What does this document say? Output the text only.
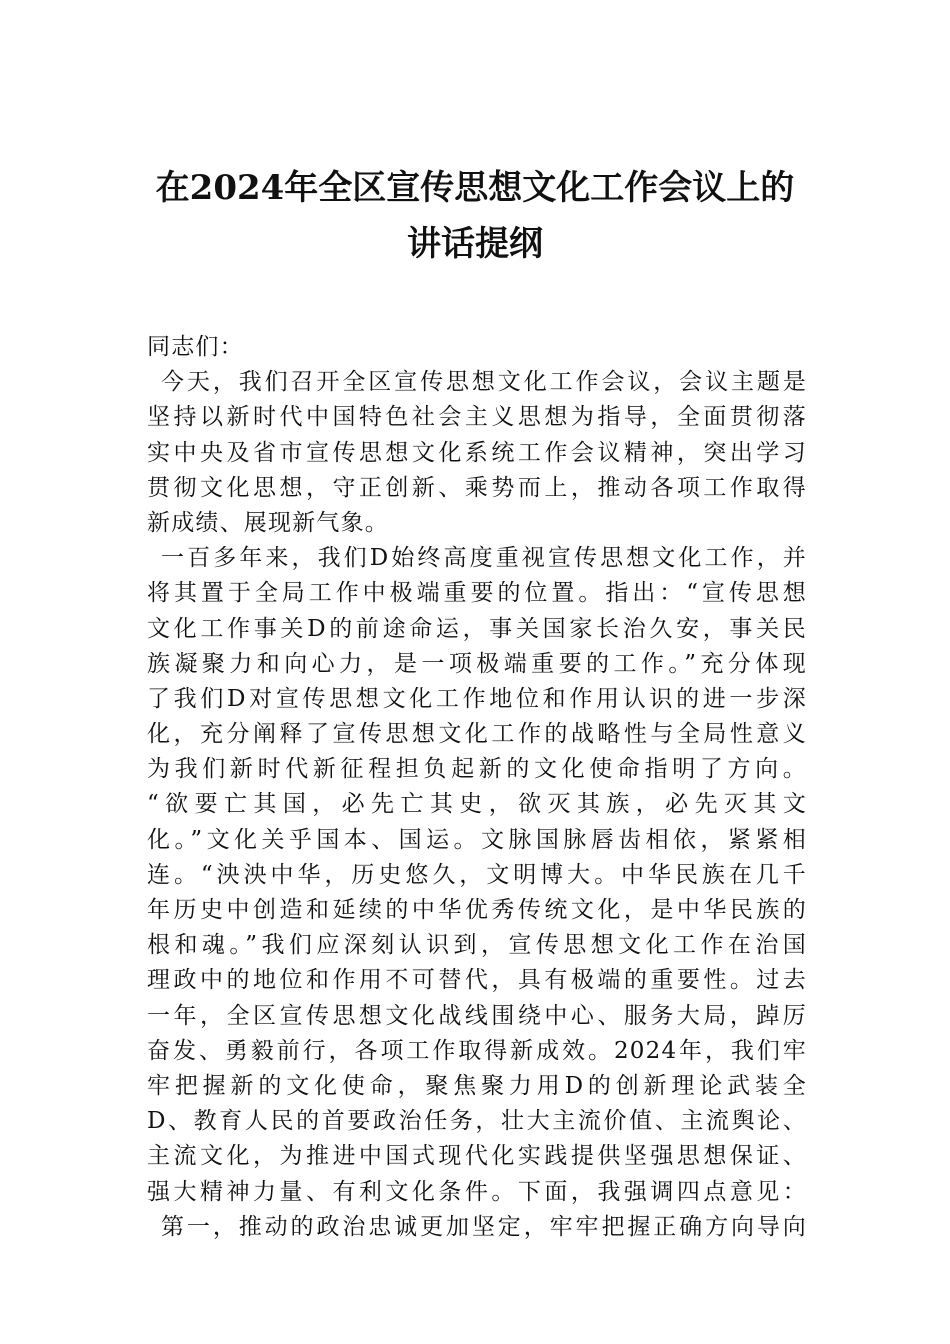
在2024年全区宣传思想文化工作会议上的
讲话提纲
同志们：
今天，我们召开全区宣传思想文化工作会议，会议主题是
坚持以新时代中国特色社会主义思想为指导，全面贯彻落
实中央及省市宣传思想文化系统工作会议精神，突出学习
贯彻文化思想，守正创新、乘势而上，推动各项工作取得
新成绩、展现新气象。
一百多年来，我们D始终高度重视宣传思想文化工作，并
将其置于全局工作中极端重要的位置。指出：“宣传思想
文化工作事关D的前途命运，事关国家长治久安，事关民
族凝聚力和向心力，是一项极端重要的工作。”充分体现
了我们D对宣传思想文化工作地位和作用认识的进一步深
化，充分阐释了宣传思想文化工作的战略性与全局性意义
为我们新时代新征程担负起新的文化使命指明了方向。
“欲要亡其国，必先亡其史，欲灭其族，必先灭其文
化。”文化关乎国本、国运。文脉国脉唇齿相依，紧紧相
连。“泱泱中华，历史悠久，文明博大。中华民族在几千
年历史中创造和延续的中华优秀传统文化，是中华民族的
根和魂。”我们应深刻认识到，宣传思想文化工作在治国
理政中的地位和作用不可替代，具有极端的重要性。过去
一年，全区宣传思想文化战线围绕中心、服务大局，踔厉
奋发、勇毅前行，各项工作取得新成效。2024年，我们牢
牢把握新的文化使命，聚焦聚力用D的创新理论武装全
D、教育人民的首要政治任务，壮大主流价值、主流舆论、
主流文化，为推进中国式现代化实践提供坚强思想保证、
强大精神力量、有利文化条件。下面，我强调四点意见：
第一，推动的政治忠诚更加坚定，牢牢把握正确方向导向
